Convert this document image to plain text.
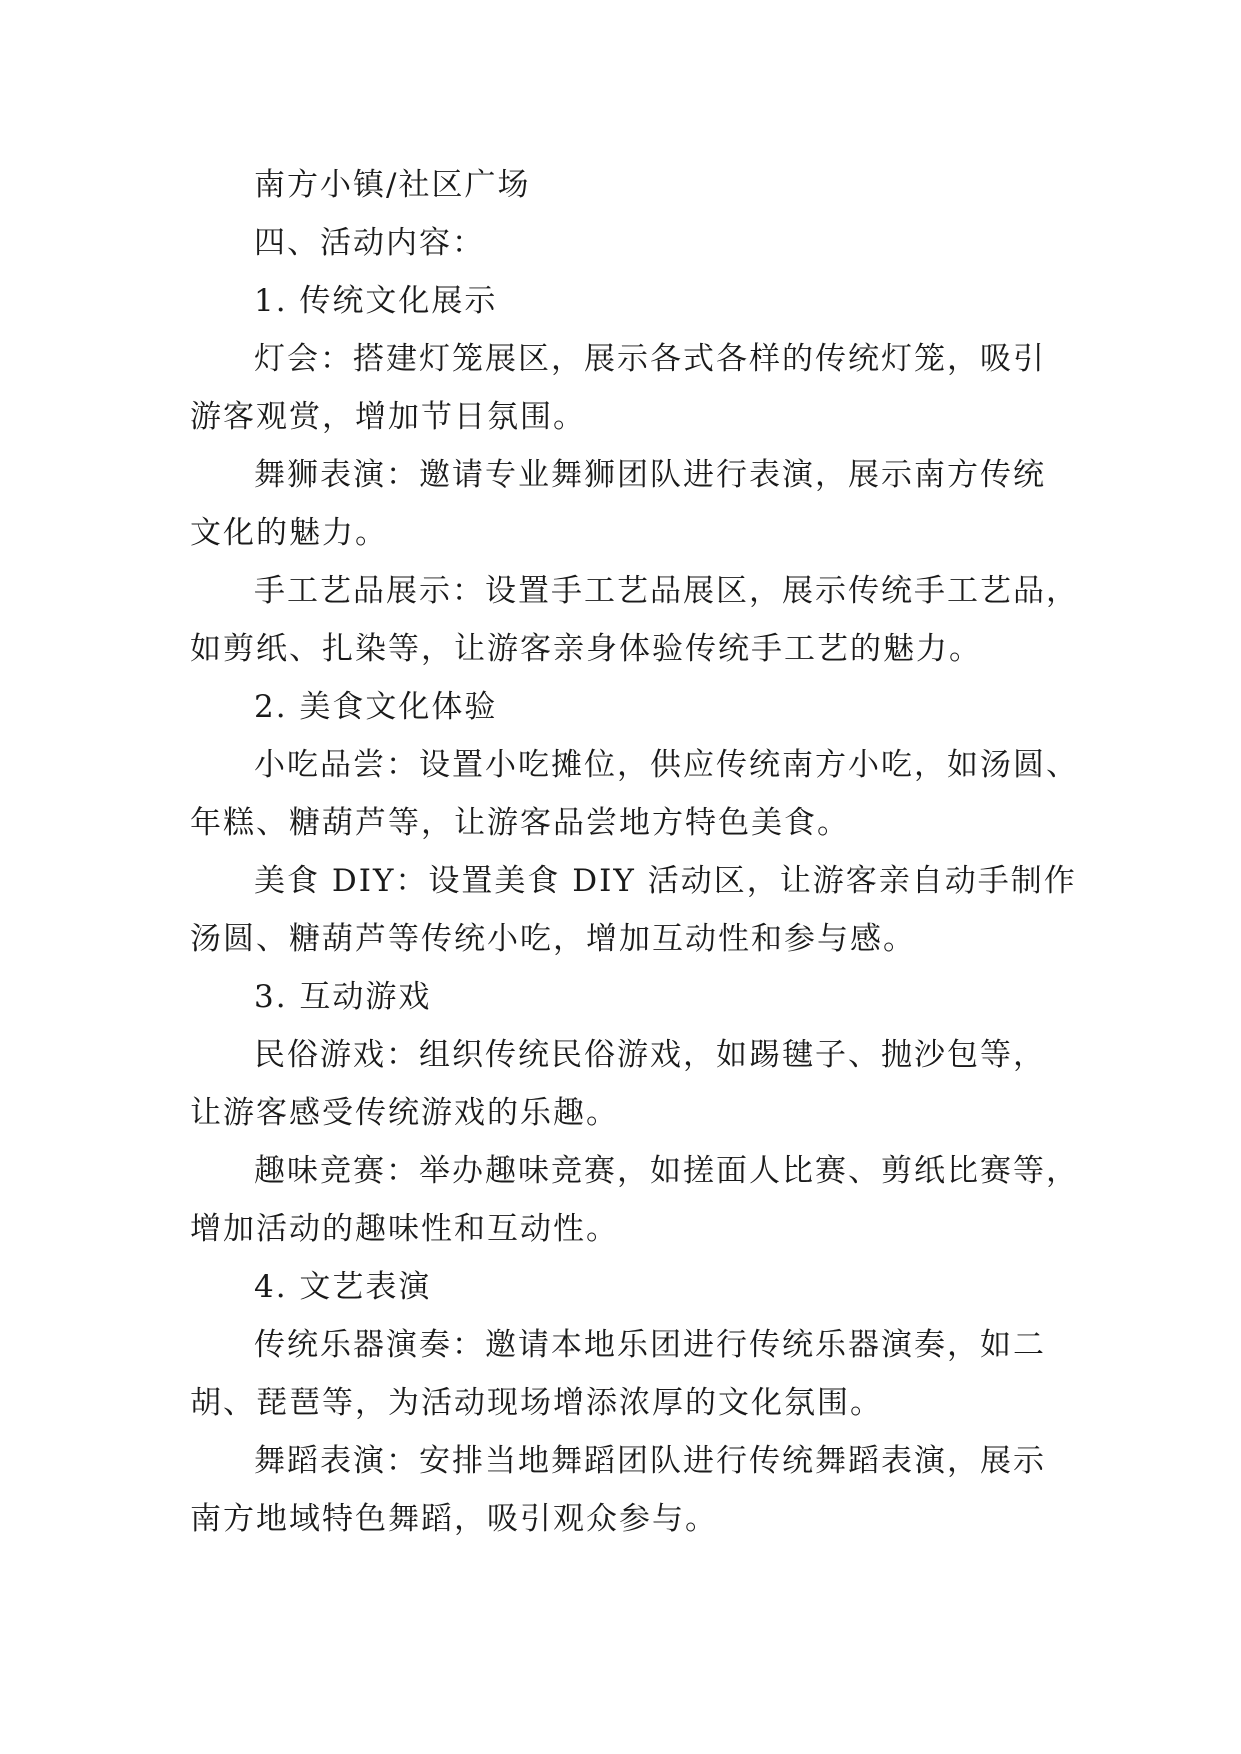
南方小镇/社区广场
四、活动内容：
1. 传统文化展示
灯会：搭建灯笼展区，展示各式各样的传统灯笼，吸引
游客观赏，增加节日氛围。
舞狮表演：邀请专业舞狮团队进行表演，展示南方传统
文化的魅力。
手工艺品展示：设置手工艺品展区，展示传统手工艺品，
如剪纸、扎染等，让游客亲身体验传统手工艺的魅力。
2. 美食文化体验
小吃品尝：设置小吃摊位，供应传统南方小吃，如汤圆、
年糕、糖葫芦等，让游客品尝地方特色美食。
美食 DIY：设置美食 DIY 活动区，让游客亲自动手制作
汤圆、糖葫芦等传统小吃，增加互动性和参与感。
3. 互动游戏
民俗游戏：组织传统民俗游戏，如踢毽子、抛沙包等，
让游客感受传统游戏的乐趣。
趣味竞赛：举办趣味竞赛，如搓面人比赛、剪纸比赛等，
增加活动的趣味性和互动性。
4. 文艺表演
传统乐器演奏：邀请本地乐团进行传统乐器演奏，如二
胡、琵琶等，为活动现场增添浓厚的文化氛围。
舞蹈表演：安排当地舞蹈团队进行传统舞蹈表演，展示
南方地域特色舞蹈，吸引观众参与。
